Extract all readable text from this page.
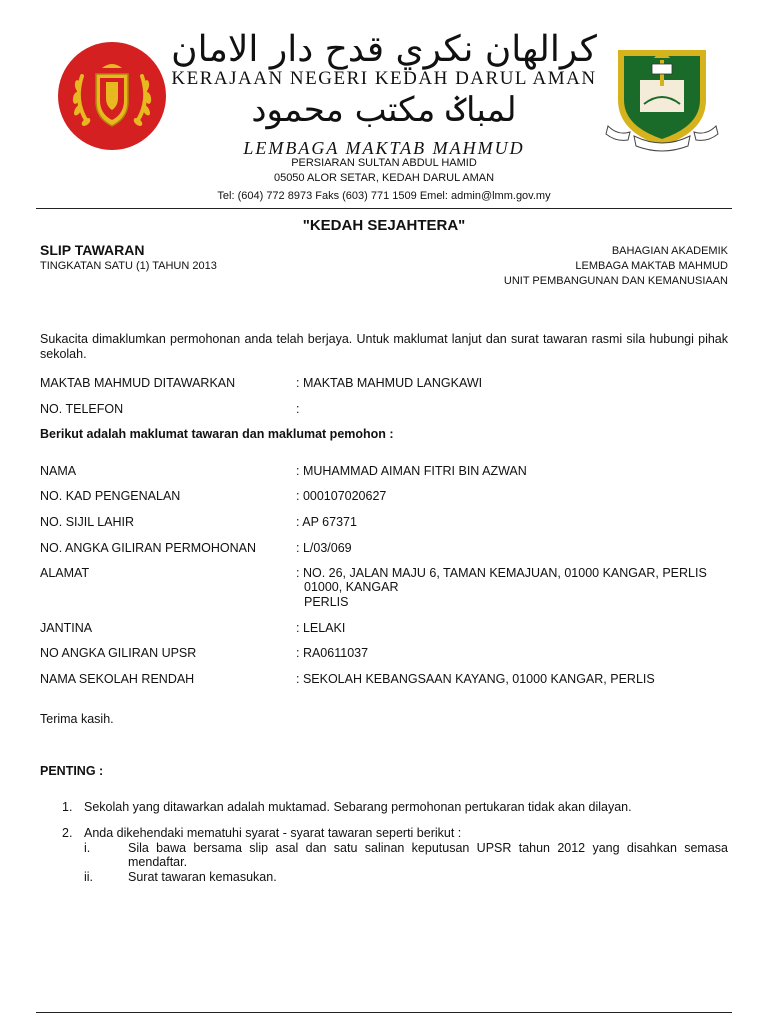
كرالهان نكري قدح دار الامان
KERAJAAN NEGERI KEDAH DARUL AMAN
لمباݢ مكتب محمود
LEMBAGA MAKTAB MAHMUD
PERSIARAN SULTAN ABDUL HAMID
05050 ALOR SETAR, KEDAH DARUL AMAN
Tel: (604) 772 8973 Faks (603) 771 1509 Emel: admin@lmm.gov.my
"KEDAH SEJAHTERA"
SLIP TAWARAN
TINGKATAN SATU (1) TAHUN 2013
BAHAGIAN AKADEMIK
LEMBAGA MAKTAB MAHMUD
UNIT PEMBANGUNAN DAN KEMANUSIAAN
Sukacita dimaklumkan permohonan anda telah berjaya. Untuk maklumat lanjut dan surat tawaran rasmi sila hubungi pihak sekolah.
MAKTAB MAHMUD DITAWARKAN	: MAKTAB MAHMUD LANGKAWI
NO. TELEFON	:
Berikut adalah maklumat tawaran dan maklumat pemohon :
NAMA	: MUHAMMAD AIMAN FITRI BIN AZWAN
NO. KAD PENGENALAN	: 000107020627
NO. SIJIL LAHIR	: AP 67371
NO. ANGKA GILIRAN PERMOHONAN	: L/03/069
ALAMAT	: NO. 26, JALAN MAJU 6, TAMAN KEMAJUAN, 01000 KANGAR, PERLIS
01000, KANGAR
PERLIS
JANTINA	: LELAKI
NO ANGKA GILIRAN UPSR	: RA0611037
NAMA SEKOLAH RENDAH	: SEKOLAH KEBANGSAAN KAYANG, 01000 KANGAR, PERLIS
Terima kasih.
PENTING :
1. Sekolah yang ditawarkan adalah muktamad. Sebarang permohonan pertukaran tidak akan dilayan.
2. Anda dikehendaki mematuhi syarat - syarat tawaran seperti berikut :
i.	Sila bawa bersama slip asal dan satu salinan keputusan UPSR tahun 2012 yang disahkan semasa mendaftar.
ii.	Surat tawaran kemasukan.
